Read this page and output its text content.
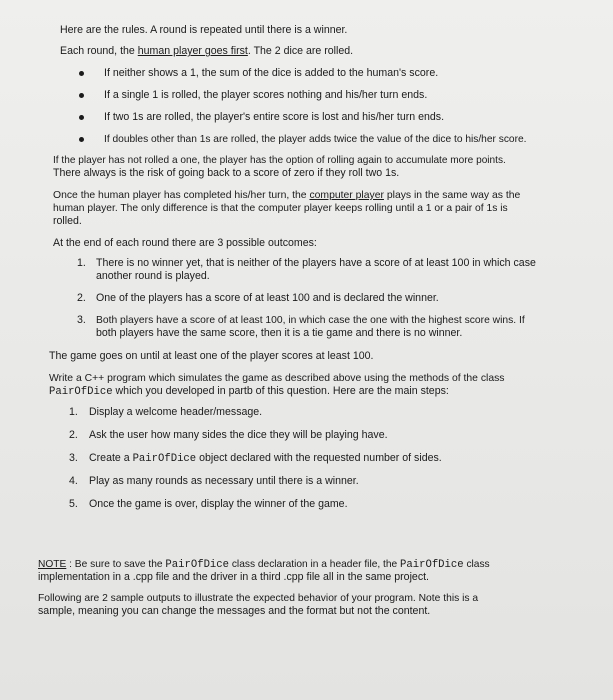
Here are the rules. A round is repeated until there is a winner.
Each round, the human player goes first. The 2 dice are rolled.
If neither shows a 1, the sum of the dice is added to the human's score.
If a single 1 is rolled, the player scores nothing and his/her turn ends.
If two 1s are rolled, the player's entire score is lost and his/her turn ends.
If doubles other than 1s are rolled, the player adds twice the value of the dice to his/her score.
If the player has not rolled a one, the player has the option of rolling again to accumulate more points.
There always is the risk of going back to a score of zero if they roll two 1s.
Once the human player has completed his/her turn, the computer player plays in the same way as the
human player. The only difference is that the computer player keeps rolling until a 1 or a pair of 1s is
rolled.
At the end of each round there are 3 possible outcomes:
1. There is no winner yet, that is neither of the players have a score of at least 100 in which case
another round is played.
2. One of the players has a score of at least 100 and is declared the winner.
3. Both players have a score of at least 100, in which case the one with the highest score wins. If
both players have the same score, then it is a tie game and there is no winner.
The game goes on until at least one of the player scores at least 100.
Write a C++ program which simulates the game as described above using the methods of the class
PairOfDice which you developed in partb of this question. Here are the main steps:
1. Display a welcome header/message.
2. Ask the user how many sides the dice they will be playing have.
3. Create a PairOfDice object declared with the requested number of sides.
4. Play as many rounds as necessary until there is a winner.
5. Once the game is over, display the winner of the game.
NOTE : Be sure to save the PairOfDice class declaration in a header file, the PairOfDice class
implementation in a .cpp file and the driver in a third .cpp file all in the same project.
Following are 2 sample outputs to illustrate the expected behavior of your program. Note this is a
sample, meaning you can change the messages and the format but not the content.
